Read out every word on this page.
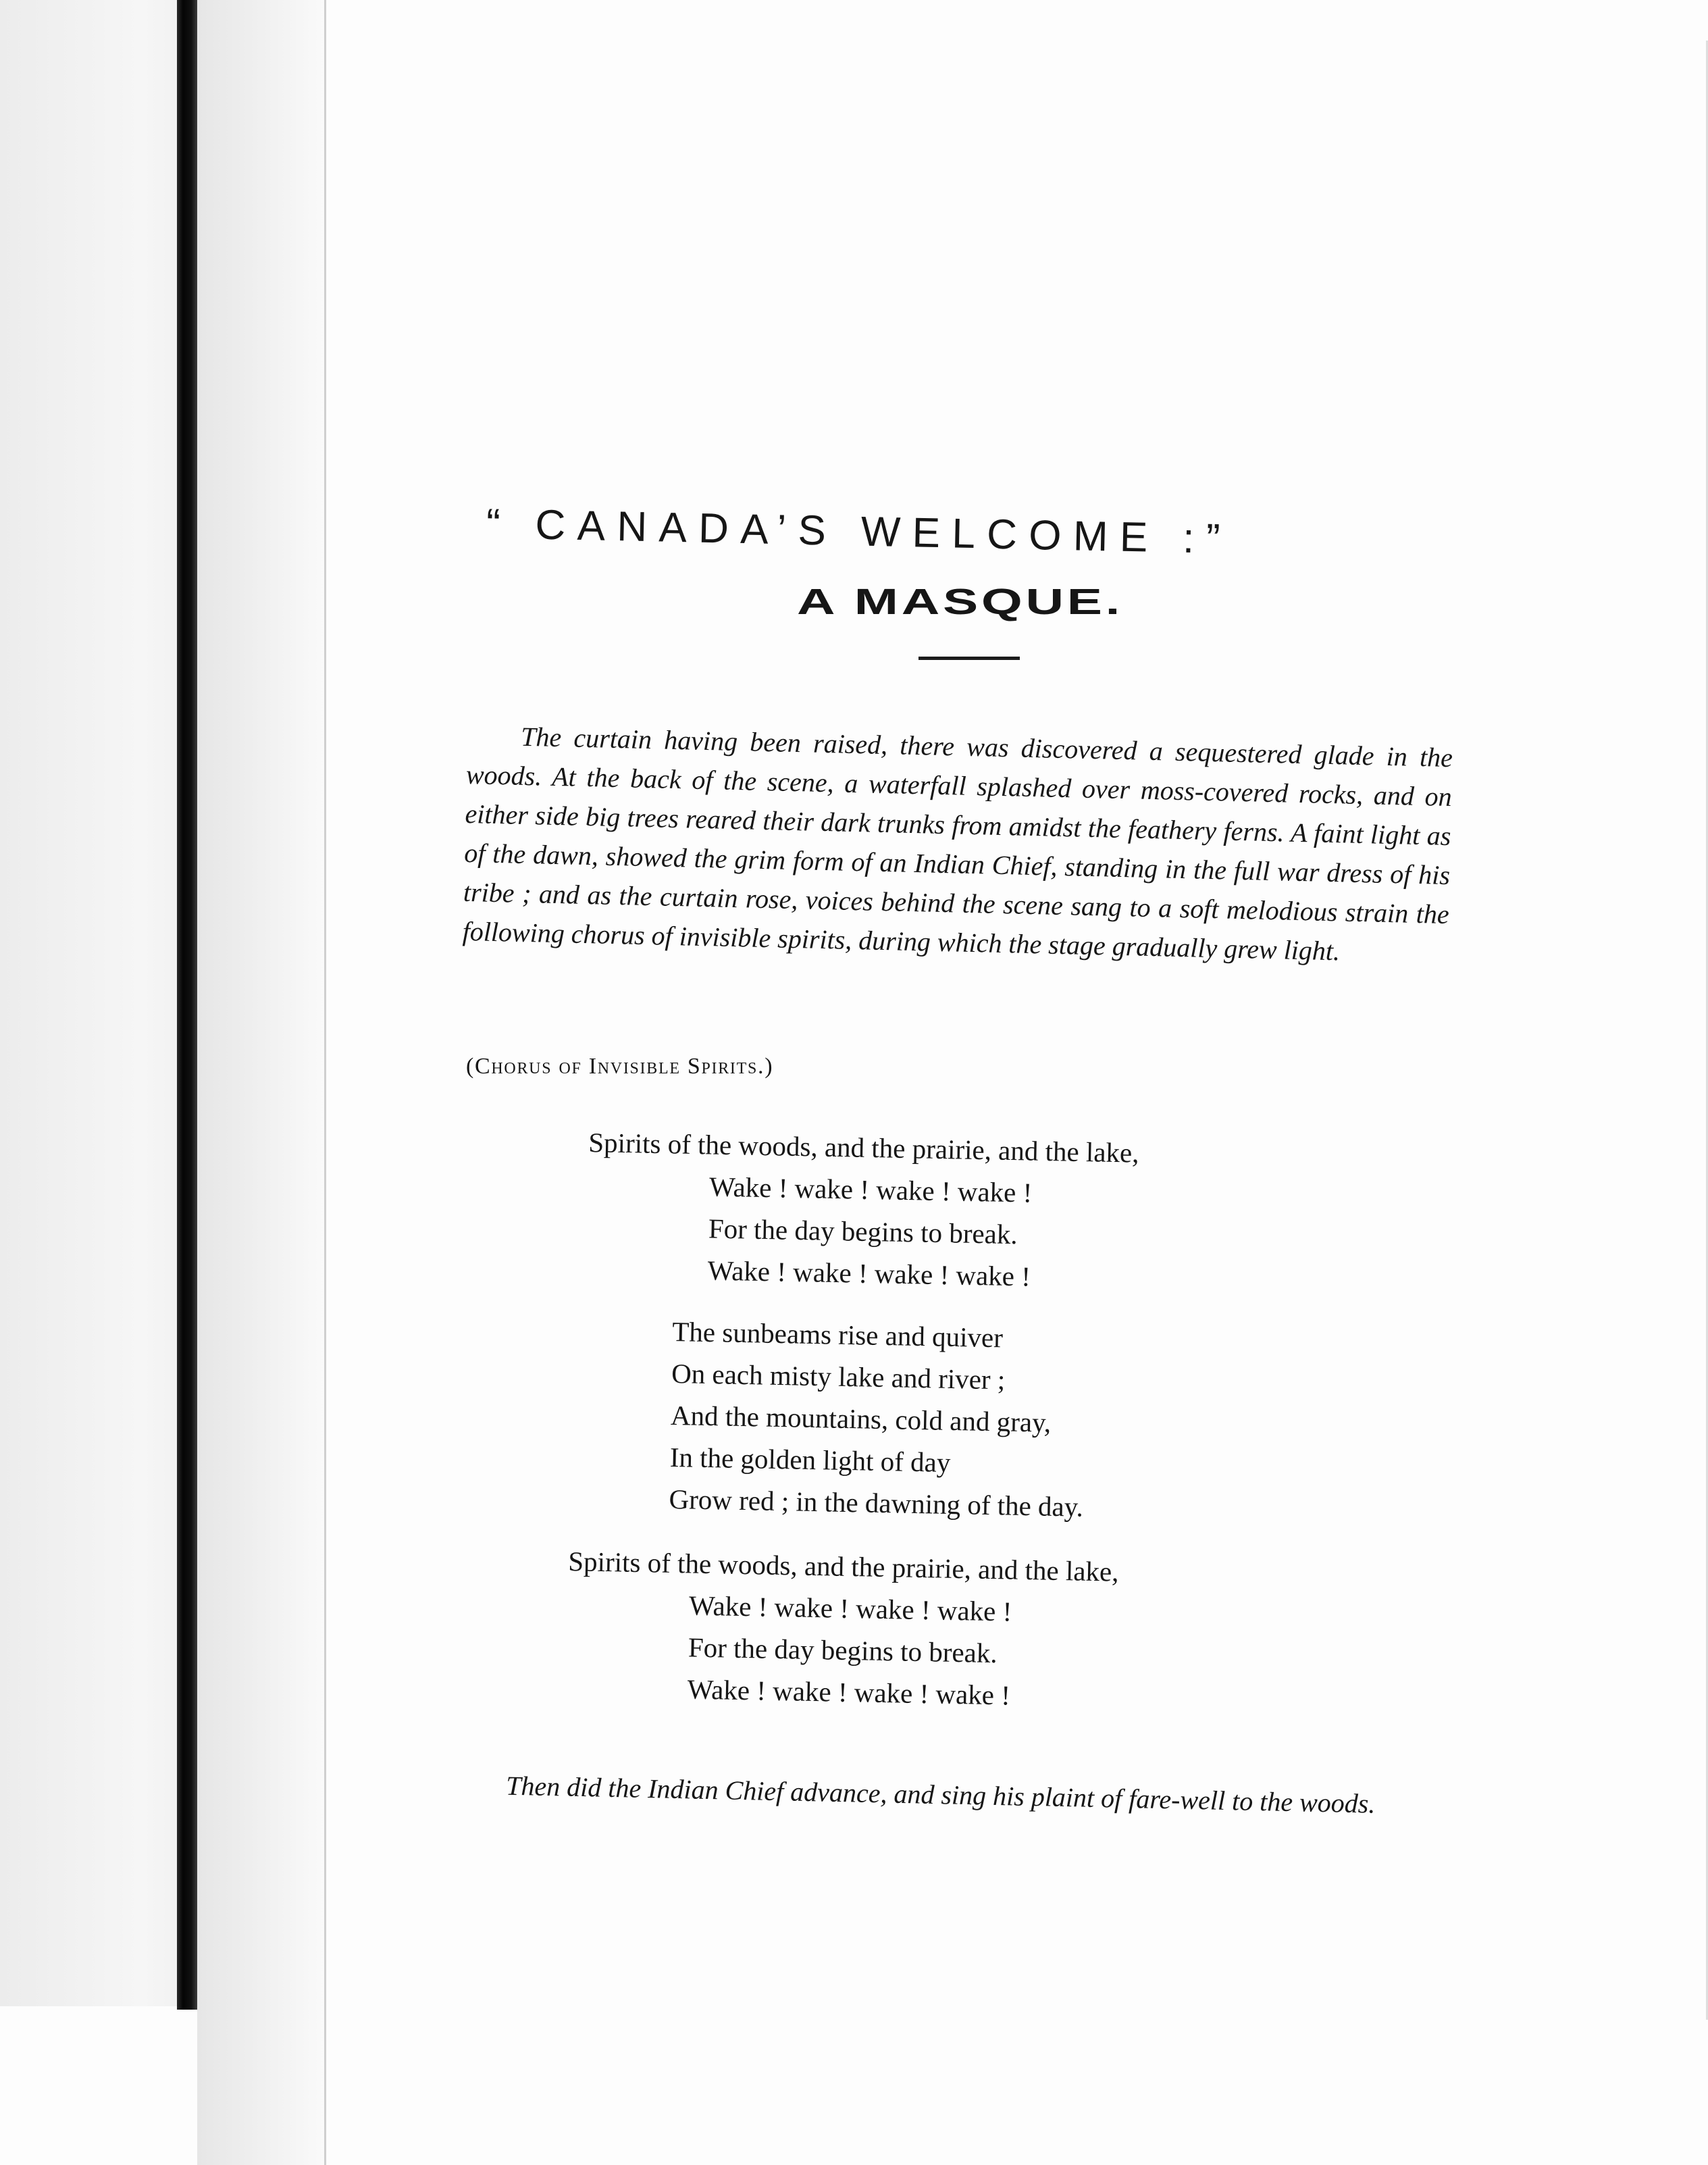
“ CANADA’S WELCOME :”
A MASQUE.

The curtain having been raised, there was discovered a sequestered glade in the woods. At the back of the scene, a waterfall splashed over moss-covered rocks, and on either side big trees reared their dark trunks from amidst the feathery ferns. A faint light as of the dawn, showed the grim form of an Indian Chief, standing in the full war dress of his tribe ; and as the curtain rose, voices behind the scene sang to a soft melodious strain the following chorus of invisible spirits, during which the stage gradually grew light.

(Chorus of Invisible Spirits.)
Spirits of the woods, and the prairie, and the lake,
Wake ! wake ! wake ! wake !
For the day begins to break.
Wake ! wake ! wake ! wake !
The sunbeams rise and quiver
On each misty lake and river ;
And the mountains, cold and gray,
In the golden light of day
Grow red ; in the dawning of the day.
Spirits of the woods, and the prairie, and the lake,
Wake ! wake ! wake ! wake !
For the day begins to break.
Wake ! wake ! wake ! wake !

Then did the Indian Chief advance, and sing his plaint of fare-well to the woods.
